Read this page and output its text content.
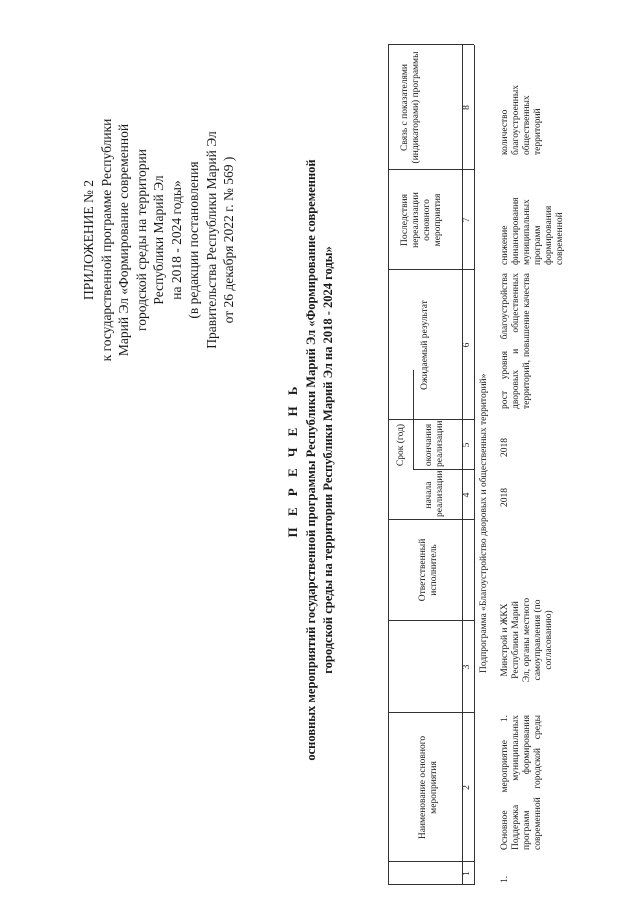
ПРИЛОЖЕНИЕ № 2 к государственной программе Республики Марий Эл «Формирование современной городской среды на территории Республики Марий Эл на 2018 - 2024 годы» (в редакции постановления Правительства Республики Марий Эл от 26 декабря 2022 г. № 569 )
П Е Р Е Ч Е Н Ь основных мероприятий государственной программы Республики Марий Эл «Формирование современной городской среды на территории Республики Марий Эл на 2018 - 2024 годы»
Наименование основного мероприятия
Ответственный исполнитель
Срок (год)
начала реализации
окончания реализации
Ожидаемый результат
Последствия нереализации основного мероприятия
Связь с показателями (индикаторами) программы
1
2
3
4
5
6
7
8
Подпрограмма «Благоустройство дворовых и общественных территорий»
1.
Основное мероприятие 1. Поддержка муниципальных программ формирования современной городской среды
Минстрой и ЖКХ Республики Марий Эл, органы местного самоуправления (по согласованию)
2018
2018
рост уровня благоустройства дворовых и общественных территорий, повышение качества
снижение финансирования муниципальных программ формирования современной
количество благоустроенных общественных территорий
